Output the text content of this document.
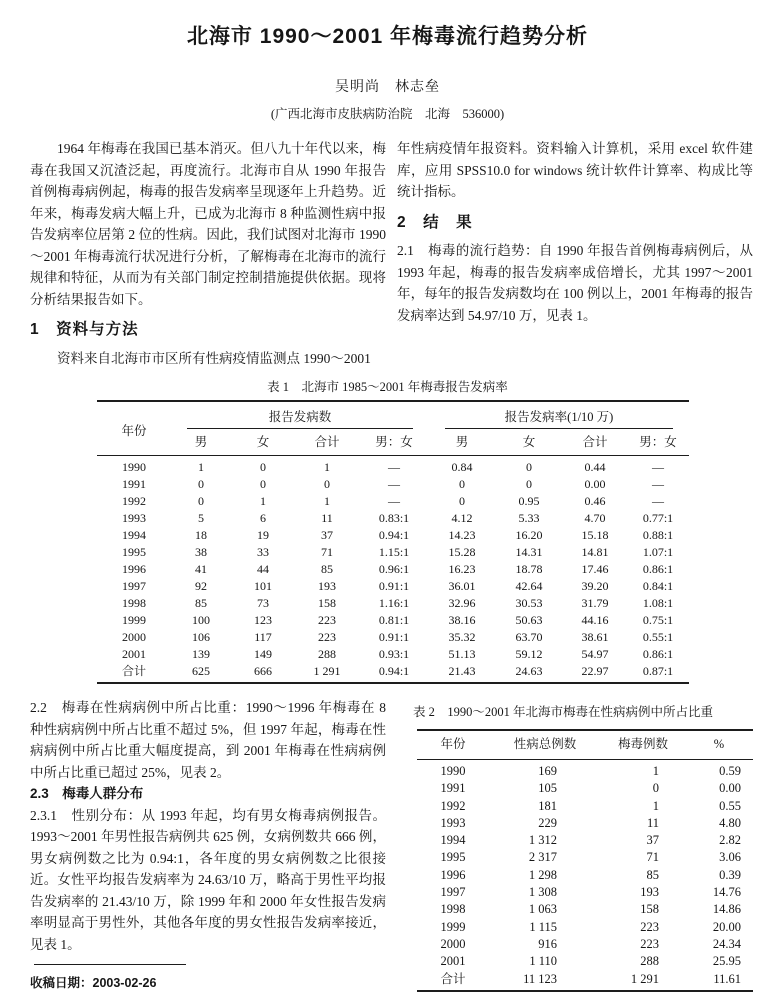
北海市 1990～2001 年梅毒流行趋势分析
吴明尚　林志垒
(广西北海市皮肤病防治院　北海　536000)

1964 年梅毒在我国已基本消灭。但八九十年代以来，梅毒在我国又沉渣泛起，再度流行。北海市自从 1990 年报告首例梅毒病例起，梅毒的报告发病率呈现逐年上升趋势。近年来，梅毒发病大幅上升，已成为北海市 8 种监测性病中报告发病率位居第 2 位的性病。因此，我们试图对北海市 1990～2001 年梅毒流行状况进行分析，了解梅毒在北海市的流行规律和特征，从而为有关部门制定控制措施提供依据。现将分析结果报告如下。

1　资料与方法

资料来自北海市市区所有性病疫情监测点 1990～2001

年性病疫情年报资料。资料输入计算机，采用 excel 软件建库，应用 SPSS10.0 for windows 统计软件计算率、构成比等统计指标。

2　结　果

2.1　梅毒的流行趋势：自 1990 年报告首例梅毒病例后，从 1993 年起，梅毒的报告发病率成倍增长，尤其 1997～2001 年，每年的报告发病数均在 100 例以上，2001 年梅毒的报告发病率达到 54.97/10 万，见表 1。

表 1　北海市 1985～2001 年梅毒报告发病率
年份	报告发病数				报告发病率(1/10 万)			

	男	女	合计	男：女	男	女	合计	男：女
1990	1	0	1	—	0.84	0	0.44	—
1991	0	0	0	—	0	0	0.00	—
1992	0	1	1	—	0	0.95	0.46	—
1993	5	6	11	0.83:1	4.12	5.33	4.70	0.77:1
1994	18	19	37	0.94:1	14.23	16.20	15.18	0.88:1
1995	38	33	71	1.15:1	15.28	14.31	14.81	1.07:1
1996	41	44	85	0.96:1	16.23	18.78	17.46	0.86:1
1997	92	101	193	0.91:1	36.01	42.64	39.20	0.84:1
1998	85	73	158	1.16:1	32.96	30.53	31.79	1.08:1
1999	100	123	223	0.81:1	38.16	50.63	44.16	0.75:1
2000	106	117	223	0.91:1	35.32	63.70	38.61	0.55:1
2001	139	149	288	0.93:1	51.13	59.12	54.97	0.86:1
合计	625	666	1 291	0.94:1	21.43	24.63	22.97	0.87:1

2.2　梅毒在性病病例中所占比重：1990～1996 年梅毒在 8 种性病病例中所占比重不超过 5%，但 1997 年起，梅毒在性病病例中所占比重大幅度提高，到 2001 年梅毒在性病病例中所占比重已超过 25%，见表 2。

2.3　梅毒人群分布

2.3.1　性别分布：从 1993 年起，均有男女梅毒病例报告。1993～2001 年男性报告病例共 625 例，女病例数共 666 例，男女病例数之比为 0.94:1，各年度的男女病例数之比很接近。女性平均报告发病率为 24.63/10 万，略高于男性平均报告发病率的 21.43/10 万，除 1999 年和 2000 年女性报告发病率明显高于男性外，其他各年度的男女性报告发病率接近，见表 1。

收稿日期：2003-02-26
表 2　1990～2001 年北海市梅毒在性病病例中所占比重
年份	性病总例数	梅毒例数	%
1990	169	1	0.59
1991	105	0	0.00
1992	181	1	0.55
1993	229	11	4.80
1994	1 312	37	2.82
1995	2 317	71	3.06
1996	1 298	85	0.39
1997	1 308	193	14.76
1998	1 063	158	14.86
1999	1 115	223	20.00
2000	916	223	24.34
2001	1 110	288	25.95
合计	11 123	1 291	11.61
